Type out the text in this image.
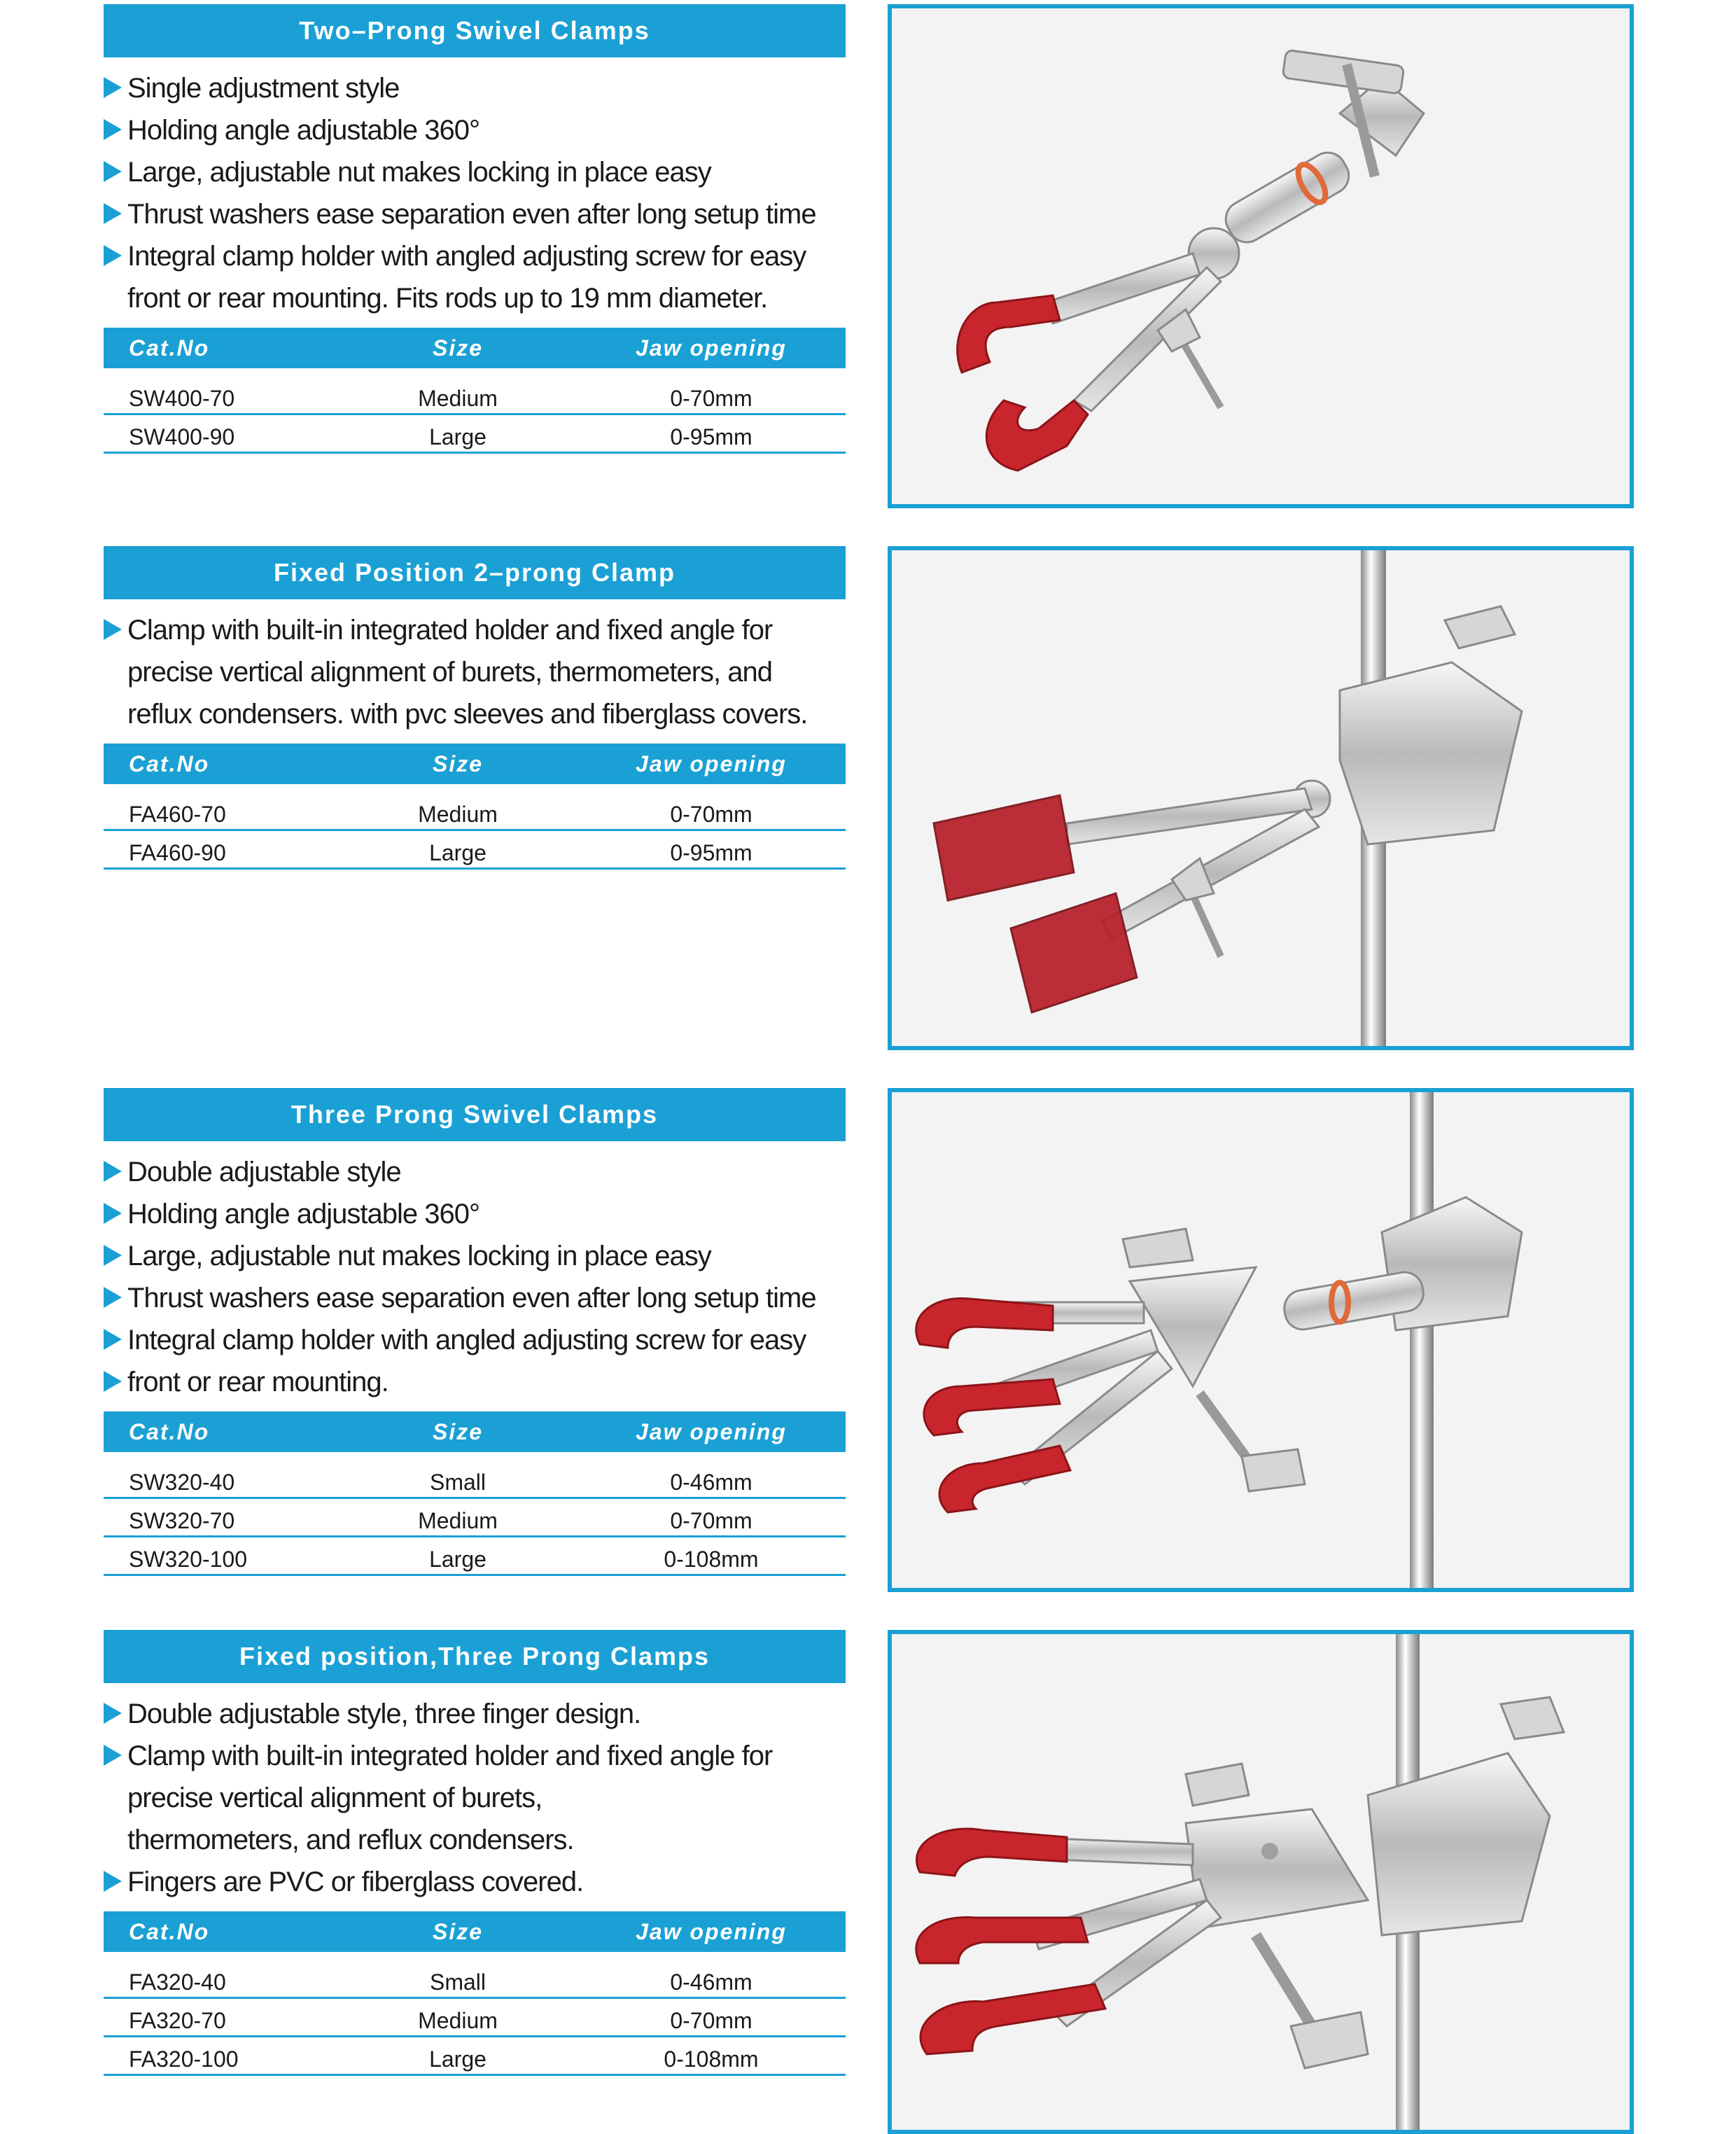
Two–Prong Swivel Clamps
Single adjustment style
Holding angle adjustable 360°
Large, adjustable nut makes locking in place easy
Thrust washers ease separation even after long setup time
Integral clamp holder with angled adjusting screw for easy
front or rear mounting. Fits rods up to 19 mm diameter.
Cat.No	Size	Jaw opening

SW400-70	Medium	0-70mm
SW400-90	Large	0-95mm
Fixed Position 2–prong Clamp
Clamp with built-in integrated holder and fixed angle for
precise vertical alignment of burets, thermometers, and
reflux condensers. with pvc sleeves and fiberglass covers.
Cat.No	Size	Jaw opening

FA460-70	Medium	0-70mm
FA460-90	Large	0-95mm
Three Prong Swivel Clamps
Double adjustable style
Holding angle adjustable 360°
Large, adjustable nut makes locking in place easy
Thrust washers ease separation even after long setup time
Integral clamp holder with angled adjusting screw for easy
front or rear mounting.
Cat.No	Size	Jaw opening

SW320-40	Small	0-46mm
SW320-70	Medium	0-70mm
SW320-100	Large	0-108mm
Fixed position,Three Prong Clamps
Double adjustable style, three finger design.
Clamp with built-in integrated holder and fixed angle for
precise vertical alignment of burets,
thermometers, and reflux condensers.
Fingers are PVC or fiberglass covered.
Cat.No	Size	Jaw opening

FA320-40	Small	0-46mm
FA320-70	Medium	0-70mm
FA320-100	Large	0-108mm
